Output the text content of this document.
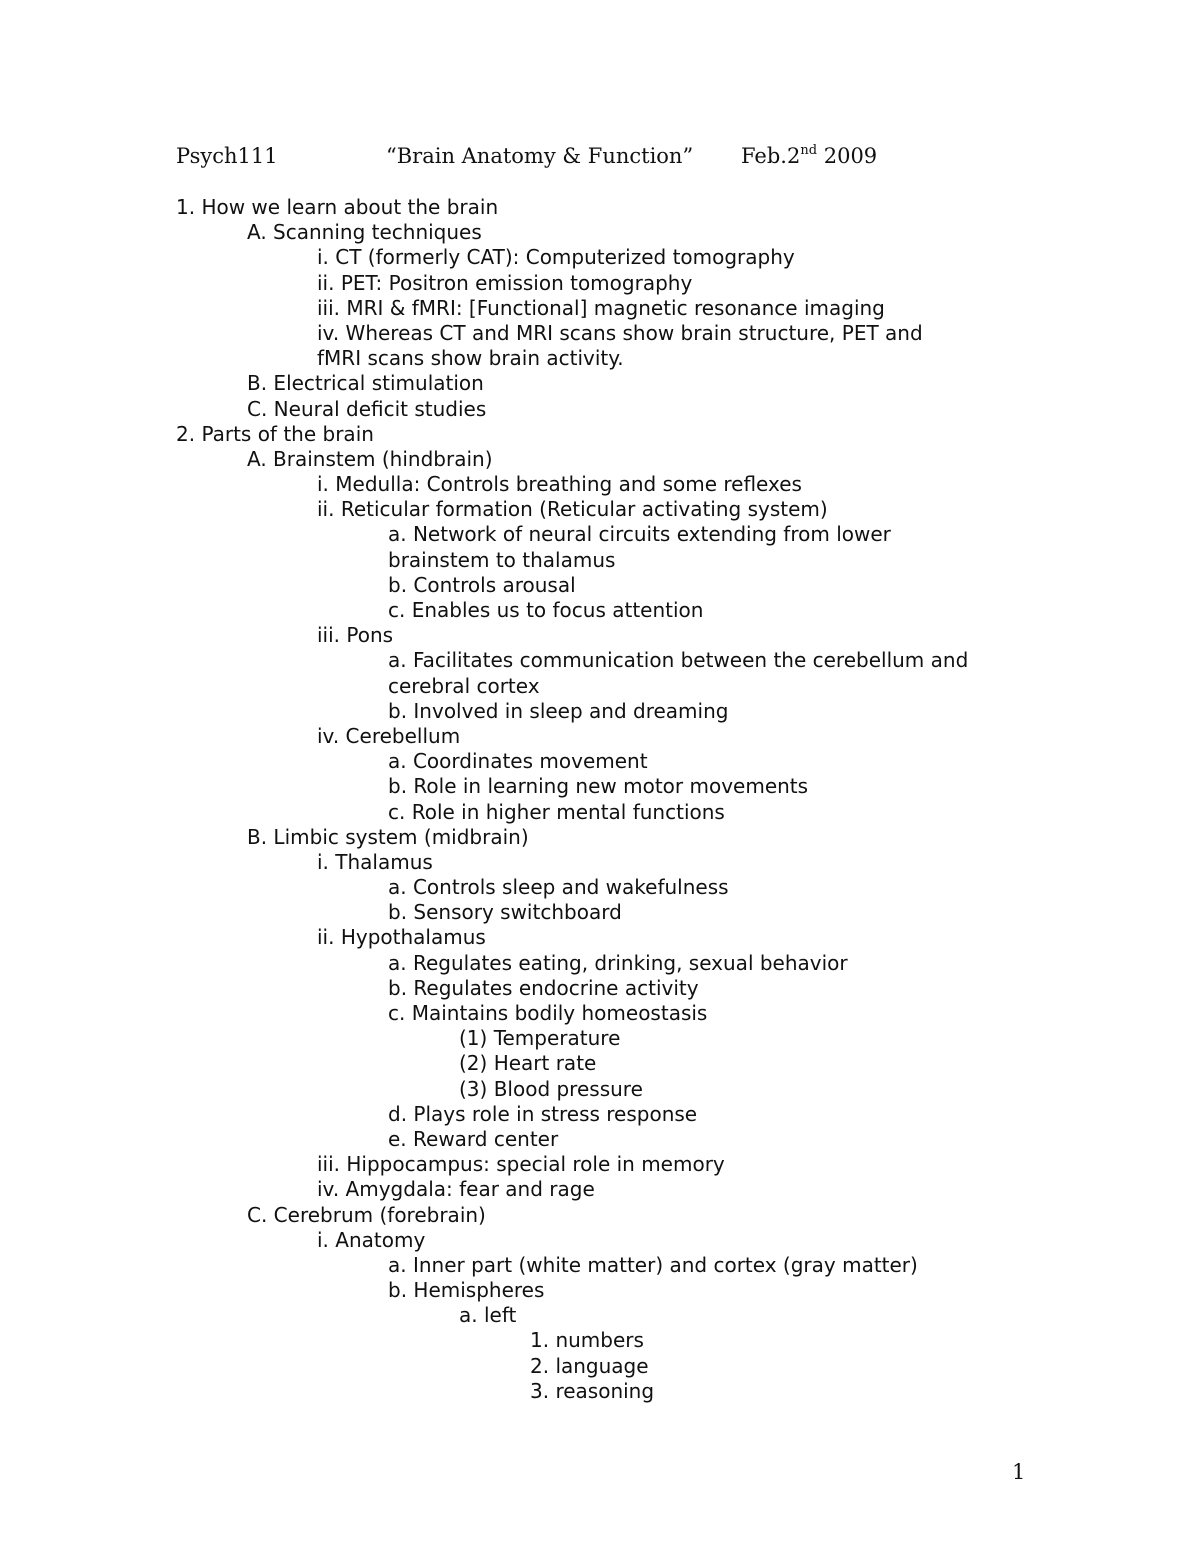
Psych111	“Brain Anatomy & Function” Feb.2nd 2009
1. How we learn about the brain
A. Scanning techniques
i. CT (formerly CAT): Computerized tomography
ii. PET: Positron emission tomography
iii. MRI & fMRI: [Functional] magnetic resonance imaging
iv. Whereas CT and MRI scans show brain structure, PET and
fMRI scans show brain activity.
B. Electrical stimulation
C. Neural deficit studies
2. Parts of the brain
A. Brainstem (hindbrain)
i. Medulla: Controls breathing and some reflexes
ii. Reticular formation (Reticular activating system)
a. Network of neural circuits extending from lower
brainstem to thalamus
b. Controls arousal
c. Enables us to focus attention
iii. Pons
a. Facilitates communication between the cerebellum and
cerebral cortex
b. Involved in sleep and dreaming
iv. Cerebellum
a. Coordinates movement
b. Role in learning new motor movements
c. Role in higher mental functions
B. Limbic system (midbrain)
i. Thalamus
a. Controls sleep and wakefulness
b. Sensory switchboard
ii. Hypothalamus
a. Regulates eating, drinking, sexual behavior
b. Regulates endocrine activity
c. Maintains bodily homeostasis
(1) Temperature
(2) Heart rate
(3) Blood pressure
d. Plays role in stress response
e. Reward center
iii. Hippocampus: special role in memory
iv. Amygdala: fear and rage
C. Cerebrum (forebrain)
i. Anatomy
a. Inner part (white matter) and cortex (gray matter)
b. Hemispheres
a. left
1. numbers
2. language
3. reasoning
1
